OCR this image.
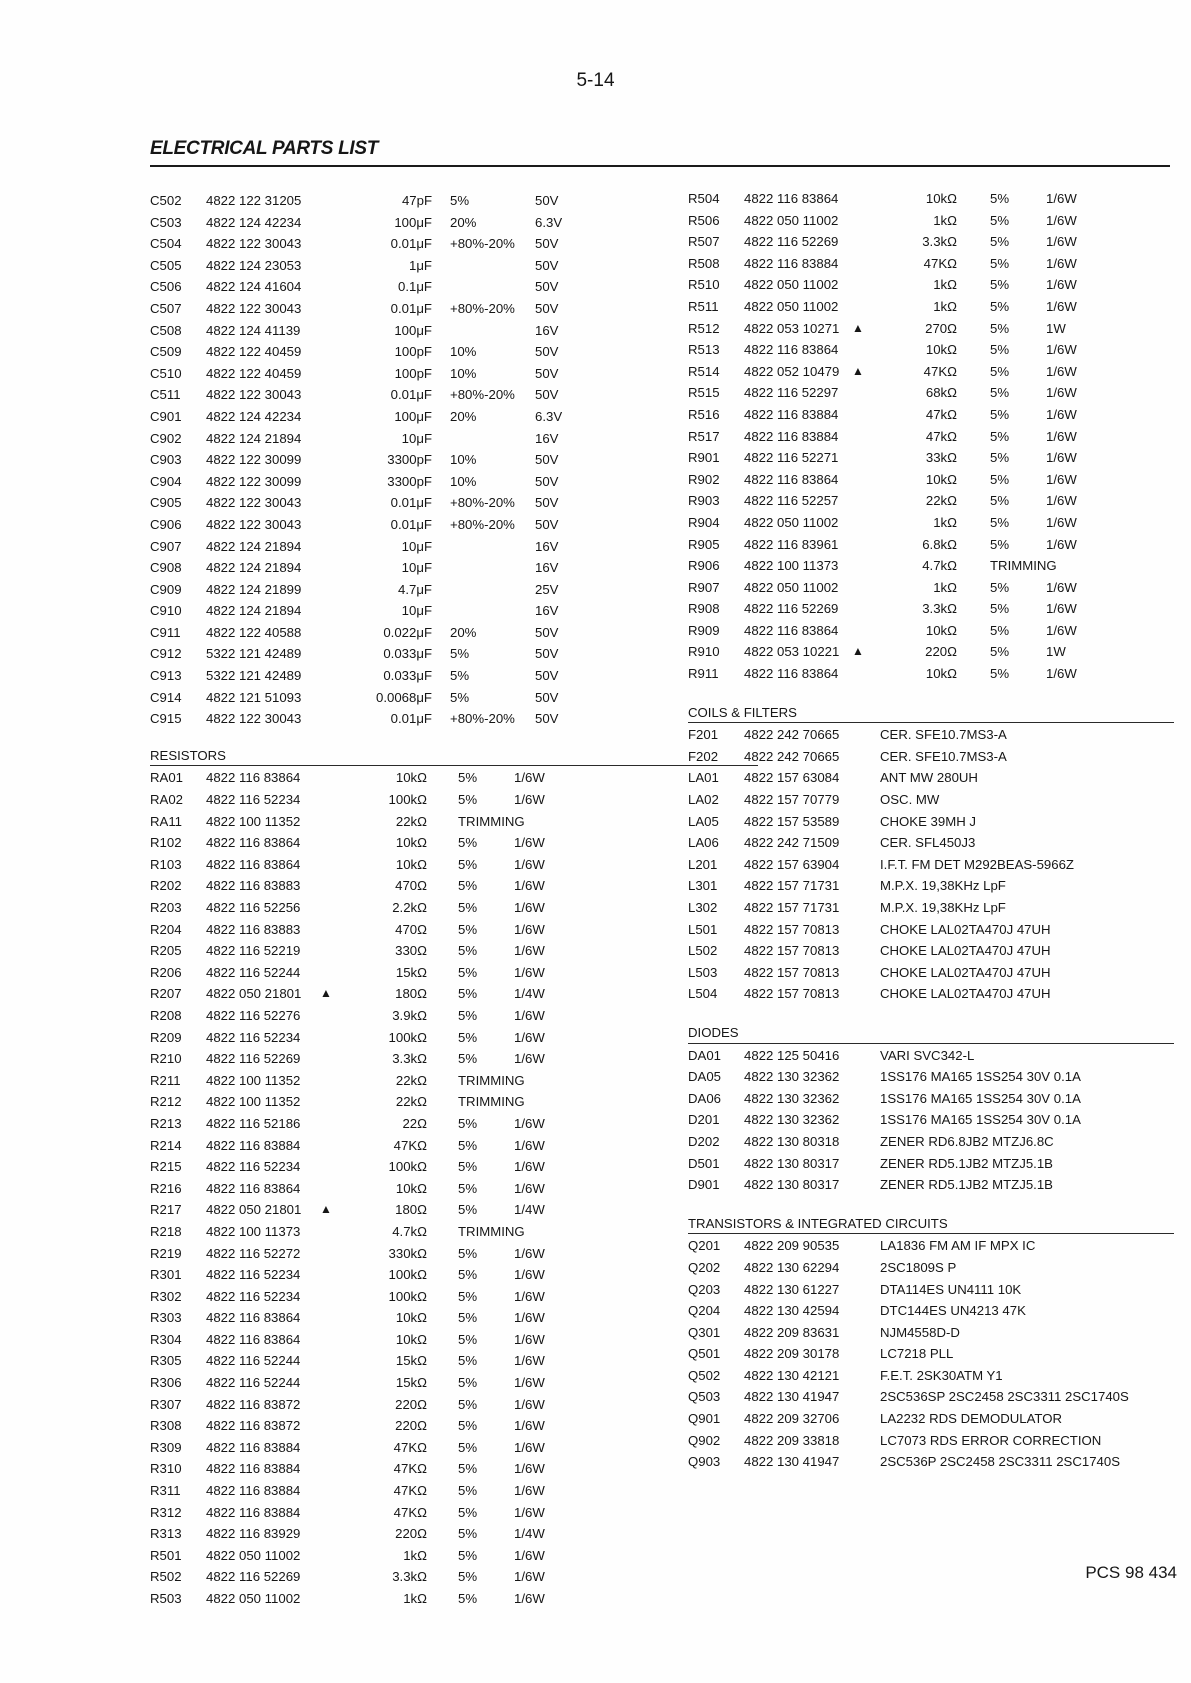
5-14
ELECTRICAL PARTS LIST
C502 4822 122 31205	47pF 5%	50V
C503 4822 124 42234	100μF 20%	6.3V
C504 4822 122 30043	0.01μF +80%-20% 50V
C505 4822 124 23053	1μF	50V
C506 4822 124 41604	0.1μF	50V
C507 4822 122 30043	0.01μF +80%-20% 50V
C508 4822 124 41139	100μF	16V
C509 4822 122 40459	100pF 10%	50V
C510 4822 122 40459	100pF 10%	50V
C511 4822 122 30043	0.01μF +80%-20% 50V
C901 4822 124 42234	100μF 20%	6.3V
C902 4822 124 21894	10μF	16V
C903 4822 122 30099	3300pF 10%	50V
C904 4822 122 30099	3300pF 10%	50V
C905 4822 122 30043	0.01μF +80%-20% 50V
C906 4822 122 30043	0.01μF +80%-20% 50V
C907 4822 124 21894	10μF	16V
C908 4822 124 21894	10μF	16V
C909 4822 124 21899	4.7μF	25V
C910 4822 124 21894	10μF	16V
C911 4822 122 40588	0.022μF 20%	50V
C912 5322 121 42489	0.033μF 5%	50V
C913 5322 121 42489	0.033μF 5%	50V
C914 4822 121 51093	0.0068μF 5%	50V
C915 4822 122 30043	0.01μF +80%-20% 50V
RESISTORS
RA01 4822 116 83864	10kΩ 5%	1/6W
RA02 4822 116 52234	100kΩ 5%	1/6W
RA11 4822 100 11352	22kΩ TRIMMING
R102 4822 116 83864	10kΩ 5%	1/6W
R103 4822 116 83864	10kΩ 5%	1/6W
R202 4822 116 83883	470Ω 5%	1/6W
R203 4822 116 52256	2.2kΩ 5%	1/6W
R204 4822 116 83883	470Ω 5%	1/6W
R205 4822 116 52219	330Ω 5%	1/6W
R206 4822 116 52244	15kΩ 5%	1/6W
R207 4822 050 21801 ▲	180Ω 5%	1/4W
R208 4822 116 52276	3.9kΩ 5%	1/6W
R209 4822 116 52234	100kΩ 5%	1/6W
R210 4822 116 52269	3.3kΩ 5%	1/6W
R211 4822 100 11352	22kΩ TRIMMING
R212 4822 100 11352	22kΩ TRIMMING
R213 4822 116 52186	22Ω 5%	1/6W
R214 4822 116 83884	47KΩ 5%	1/6W
R215 4822 116 52234	100kΩ 5%	1/6W
R216 4822 116 83864	10kΩ 5%	1/6W
R217 4822 050 21801 ▲	180Ω 5%	1/4W
R218 4822 100 11373	4.7kΩ TRIMMING
R219 4822 116 52272	330kΩ 5%	1/6W
R301 4822 116 52234	100kΩ 5%	1/6W
R302 4822 116 52234	100kΩ 5%	1/6W
R303 4822 116 83864	10kΩ 5%	1/6W
R304 4822 116 83864	10kΩ 5%	1/6W
R305 4822 116 52244	15kΩ 5%	1/6W
R306 4822 116 52244	15kΩ 5%	1/6W
R307 4822 116 83872	220Ω 5%	1/6W
R308 4822 116 83872	220Ω 5%	1/6W
R309 4822 116 83884	47KΩ 5%	1/6W
R310 4822 116 83884	47KΩ 5%	1/6W
R311 4822 116 83884	47KΩ 5%	1/6W
R312 4822 116 83884	47KΩ 5%	1/6W
R313 4822 116 83929	220Ω 5%	1/4W
R501 4822 050 11002	1kΩ 5%	1/6W
R502 4822 116 52269	3.3kΩ 5%	1/6W
R503 4822 050 11002	1kΩ 5%	1/6W
R504 4822 116 83864	10kΩ	5%	1/6W
R506 4822 050 11002	1kΩ	5%	1/6W
R507 4822 116 52269	3.3kΩ	5%	1/6W
R508 4822 116 83884	47KΩ	5%	1/6W
R510 4822 050 11002	1kΩ	5%	1/6W
R511 4822 050 11002	1kΩ	5%	1/6W
R512 4822 053 10271 ▲	270Ω	5%	1W
R513 4822 116 83864	10kΩ	5%	1/6W
R514 4822 052 10479 ▲	47KΩ	5%	1/6W
R515 4822 116 52297	68kΩ	5%	1/6W
R516 4822 116 83884	47kΩ	5%	1/6W
R517 4822 116 83884	47kΩ	5%	1/6W
R901 4822 116 52271	33kΩ	5%	1/6W
R902 4822 116 83864	10kΩ	5%	1/6W
R903 4822 116 52257	22kΩ	5%	1/6W
R904 4822 050 11002	1kΩ	5%	1/6W
R905 4822 116 83961	6.8kΩ	5%	1/6W
R906 4822 100 11373	4.7kΩ	TRIMMING
R907 4822 050 11002	1kΩ	5%	1/6W
R908 4822 116 52269	3.3kΩ	5%	1/6W
R909 4822 116 83864	10kΩ	5%	1/6W
R910 4822 053 10221 ▲	220Ω	5%	1W
R911 4822 116 83864	10kΩ	5%	1/6W
COILS & FILTERS
F201 4822 242 70665	CER. SFE10.7MS3-A
F202 4822 242 70665	CER. SFE10.7MS3-A
LA01 4822 157 63084	ANT MW 280UH
LA02 4822 157 70779	OSC. MW
LA05 4822 157 53589	CHOKE 39MH J
LA06 4822 242 71509	CER. SFL450J3
L201 4822 157 63904	I.F.T. FM DET M292BEAS-5966Z
L301 4822 157 71731	M.P.X. 19,38KHz LpF
L302 4822 157 71731	M.P.X. 19,38KHz LpF
L501 4822 157 70813	CHOKE LAL02TA470J 47UH
L502 4822 157 70813	CHOKE LAL02TA470J 47UH
L503 4822 157 70813	CHOKE LAL02TA470J 47UH
L504 4822 157 70813	CHOKE LAL02TA470J 47UH
DIODES
DA01 4822 125 50416	VARI SVC342-L
DA05 4822 130 32362	1SS176 MA165 1SS254 30V 0.1A
DA06 4822 130 32362	1SS176 MA165 1SS254 30V 0.1A
D201 4822 130 32362	1SS176 MA165 1SS254 30V 0.1A
D202 4822 130 80318	ZENER RD6.8JB2 MTZJ6.8C
D501 4822 130 80317	ZENER RD5.1JB2 MTZJ5.1B
D901 4822 130 80317	ZENER RD5.1JB2 MTZJ5.1B
TRANSISTORS & INTEGRATED CIRCUITS
Q201 4822 209 90535	LA1836 FM AM IF MPX IC
Q202 4822 130 62294	2SC1809S P
Q203 4822 130 61227	DTA114ES UN4111 10K
Q204 4822 130 42594	DTC144ES UN4213 47K
Q301 4822 209 83631	NJM4558D-D
Q501 4822 209 30178	LC7218 PLL
Q502 4822 130 42121	F.E.T. 2SK30ATM Y1
Q503 4822 130 41947	2SC536SP 2SC2458 2SC3311 2SC1740S
Q901 4822 209 32706	LA2232 RDS DEMODULATOR
Q902 4822 209 33818	LC7073 RDS ERROR CORRECTION
Q903 4822 130 41947	2SC536P 2SC2458 2SC3311 2SC1740S
PCS 98 434
